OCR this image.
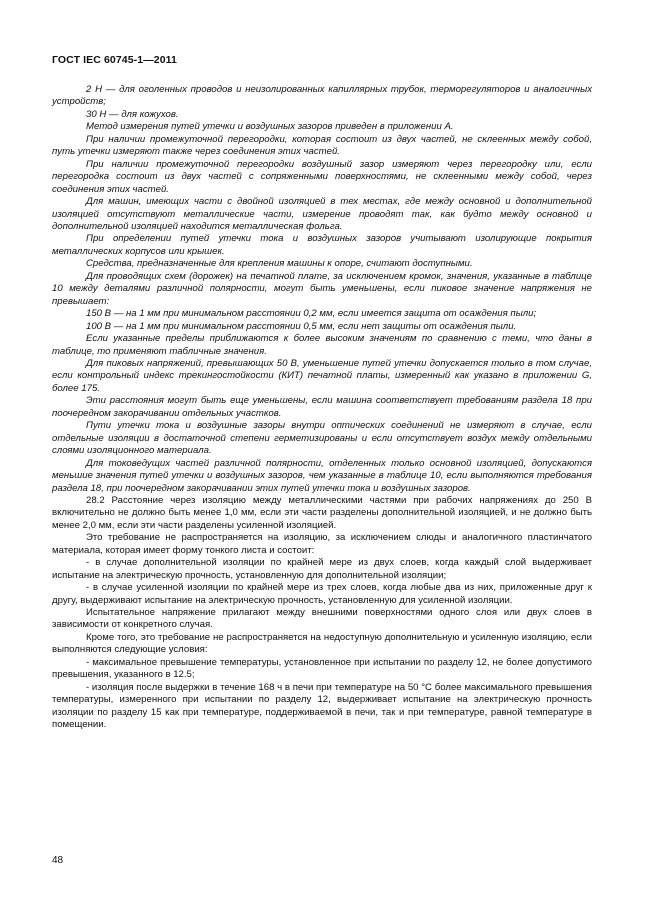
ГОСТ IEC 60745-1—2011

2 Н — для оголенных проводов и неизолированных капиллярных трубок, терморегуляторов и аналогичных устройств;

30 Н — для кожухов.

Метод измерения путей утечки и воздушных зазоров приведен в приложении А.

При наличии промежуточной перегородки, которая состоит из двух частей, не склеенных между собой, путь утечки измеряют также через соединения этих частей.

При наличии промежуточной перегородки воздушный зазор измеряют через перегородку или, если перегородка состоит из двух частей с сопряженными поверхностями, не склеенными между собой, через соединения этих частей.

Для машин, имеющих части с двойной изоляцией в тех местах, где между основной и дополнительной изоляцией отсутствуют металлические части, измерение проводят так, как будто между основной и дополнительной изоляцией находится металлическая фольга.

При определении путей утечки тока и воздушных зазоров учитывают изолирующие покрытия металлических корпусов или крышек.

Средства, предназначенные для крепления машины к опоре, считают доступными.

Для проводящих схем (дорожек) на печатной плате, за исключением кромок, значения, указанные в таблице 10 между деталями различной полярности, могут быть уменьшены, если пиковое значение напряжения не превышает:

150 В — на 1 мм при минимальном расстоянии 0,2 мм, если имеется защита от осаждения пыли;

100 В — на 1 мм при минимальном расстоянии 0,5 мм, если нет защиты от осаждения пыли.

Если указанные пределы приближаются к более высоким значениям по сравнению с теми, что даны в таблице, то применяют табличные значения.

Для пиковых напряжений, превышающих 50 В, уменьшение путей утечки допускается только в том случае, если контрольный индекс трекингостойкости (КИТ) печатной платы, измеренный как указано в приложении G, более 175.

Эти расстояния могут быть еще уменьшены, если машина соответствует требованиям раздела 18 при поочередном закорачивании отдельных участков.

Пути утечки тока и воздушные зазоры внутри оптических соединений не измеряют в случае, если отдельные изоляции в достаточной степени герметизированы и если отсутствует воздух между отдельными слоями изоляционного материала.

Для токоведущих частей различной полярности, отделенных только основной изоляцией, допускаются меньшие значения путей утечки и воздушных зазоров, чем указанные в таблице 10, если выполняются требования раздела 18, при поочередном закорачивании этих путей утечки тока и воздушных зазоров.

28.2 Расстояние через изоляцию между металлическими частями при рабочих напряжениях до 250 В включительно не должно быть менее 1,0 мм, если эти части разделены дополнительной изоляцией, и не должно быть менее 2,0 мм, если эти части разделены усиленной изоляцией.

Это требование не распространяется на изоляцию, за исключением слюды и аналогичного пластинчатого материала, которая имеет форму тонкого листа и состоит:

- в случае дополнительной изоляции по крайней мере из двух слоев, когда каждый слой выдерживает испытание на электрическую прочность, установленную для дополнительной изоляции;

- в случае усиленной изоляции по крайней мере из трех слоев, когда любые два из них, приложенные друг к другу, выдерживают испытание на электрическую прочность, установленную для усиленной изоляции.

Испытательное напряжение прилагают между внешними поверхностями одного слоя или двух слоев в зависимости от конкретного случая.

Кроме того, это требование не распространяется на недоступную дополнительную и усиленную изоляцию, если выполняются следующие условия:

- максимальное превышение температуры, установленное при испытании по разделу 12, не более допустимого превышения, указанного в 12.5;

- изоляция после выдержки в течение 168 ч в печи при температуре на 50 °С более максимального превышения температуры, измеренного при испытании по разделу 12, выдерживает испытание на электрическую прочность изоляции по разделу 15 как при температуре, поддерживаемой в печи, так и при температуре, равной температуре в помещении.

48
